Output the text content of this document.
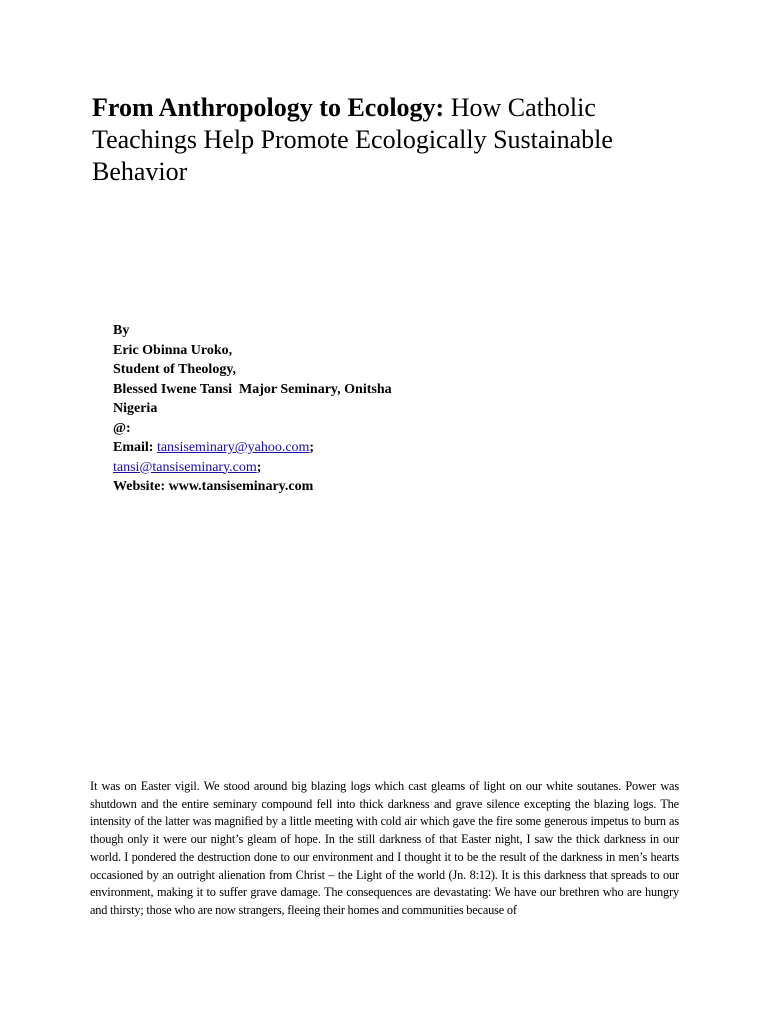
From Anthropology to Ecology: How Catholic Teachings Help Promote Ecologically Sustainable Behavior
By
Eric Obinna Uroko,
Student of Theology,
Blessed Iwene Tansi  Major Seminary, Onitsha
Nigeria
@:
Email: tansiseminary@yahoo.com;
tansi@tansiseminary.com;
Website: www.tansiseminary.com
It was on Easter vigil. We stood around big blazing logs which cast gleams of light on our white soutanes. Power was shutdown and the entire seminary compound fell into thick darkness and grave silence excepting the blazing logs. The intensity of the latter was magnified by a little meeting with cold air which gave the fire some generous impetus to burn as though only it were our night’s gleam of hope. In the still darkness of that Easter night, I saw the thick darkness in our world. I pondered the destruction done to our environment and I thought it to be the result of the darkness in men’s hearts occasioned by an outright alienation from Christ – the Light of the world (Jn. 8:12). It is this darkness that spreads to our environment, making it to suffer grave damage. The consequences are devastating: We have our brethren who are hungry and thirsty; those who are now strangers, fleeing their homes and communities because of
